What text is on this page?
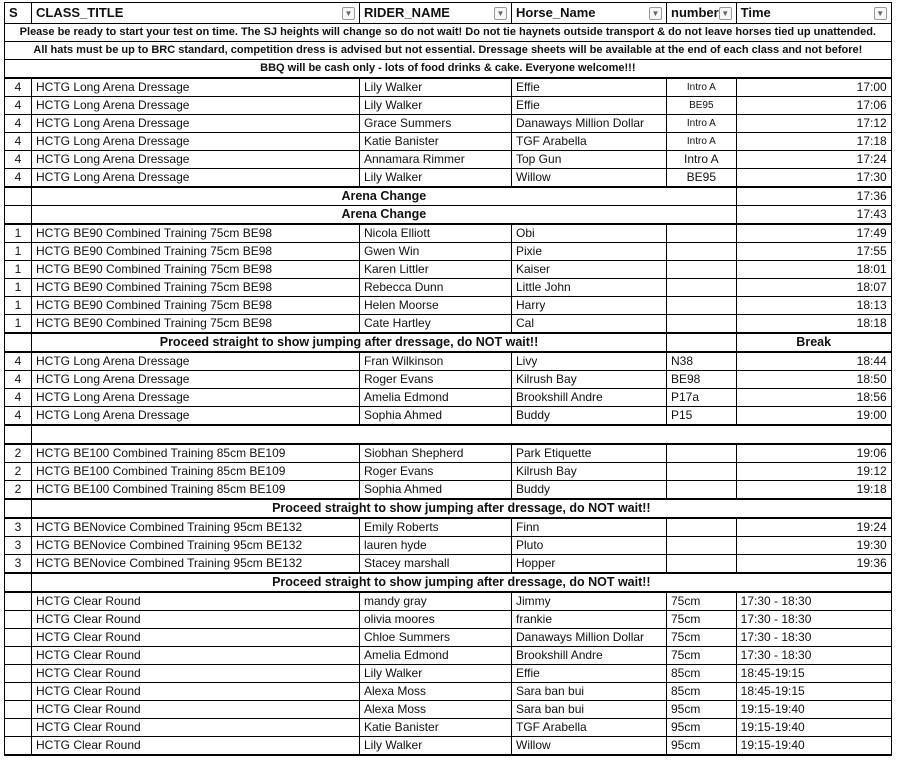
S	CLASS_TITLE ▼	RIDER_NAME ▼	Horse_Name ▼	number ▼	Time ▼

Please be ready to start your test on time. The SJ heights will change so do not wait! Do not tie haynets outside transport & do not leave horses tied up unattended.					
All hats must be up to BRC standard, competition dress is advised but not essential. Dressage sheets will be available at the end of each class and not before!					
BBQ will be cash only - lots of food drinks & cake. Everyone welcome!!!					
4	HCTG Long Arena Dressage	Lily Walker	Effie	Intro A	17:00
4	HCTG Long Arena Dressage	Lily Walker	Effie	BE95	17:06
4	HCTG Long Arena Dressage	Grace Summers	Danaways Million Dollar	Intro A	17:12
4	HCTG Long Arena Dressage	Katie Banister	TGF Arabella	Intro A	17:18
4	HCTG Long Arena Dressage	Annamara Rimmer	Top Gun	Intro A	17:24
4	HCTG Long Arena Dressage	Lily Walker	Willow	BE95	17:30
	Arena Change				17:36
	Arena Change				17:43
1	HCTG BE90 Combined Training 75cm BE98	Nicola Elliott	Obi		17:49
1	HCTG BE90 Combined Training 75cm BE98	Gwen Win	Pixie		17:55
1	HCTG BE90 Combined Training 75cm BE98	Karen Littler	Kaiser		18:01
1	HCTG BE90 Combined Training 75cm BE98	Rebecca Dunn	Little John		18:07
1	HCTG BE90 Combined Training 75cm BE98	Helen Moorse	Harry		18:13
1	HCTG BE90 Combined Training 75cm BE98	Cate Hartley	Cal		18:18
	Proceed straight to show jumping after dressage, do NOT wait!!				Break
4	HCTG Long Arena Dressage	Fran Wilkinson	Livy	N38	18:44
4	HCTG Long Arena Dressage	Roger Evans	Kilrush Bay	BE98	18:50
4	HCTG Long Arena Dressage	Amelia Edmond	Brookshill Andre	P17a	18:56
4	HCTG Long Arena Dressage	Sophia Ahmed	Buddy	P15	19:00

2	HCTG BE100 Combined Training 85cm BE109	Siobhan Shepherd	Park Etiquette		19:06
2	HCTG BE100 Combined Training 85cm BE109	Roger Evans	Kilrush Bay		19:12
2	HCTG BE100 Combined Training 85cm BE109	Sophia Ahmed	Buddy		19:18
	Proceed straight to show jumping after dressage, do NOT wait!!				
3	HCTG BENovice Combined Training 95cm BE132	Emily Roberts	Finn		19:24
3	HCTG BENovice Combined Training 95cm BE132	lauren hyde	Pluto		19:30
3	HCTG BENovice Combined Training 95cm BE132	Stacey marshall	Hopper		19:36
	Proceed straight to show jumping after dressage, do NOT wait!!				
	HCTG Clear Round	mandy gray	Jimmy	75cm	17:30 - 18:30
	HCTG Clear Round	olivia moores	frankie	75cm	17:30 - 18:30
	HCTG Clear Round	Chloe Summers	Danaways Million Dollar	75cm	17:30 - 18:30
	HCTG Clear Round	Amelia Edmond	Brookshill Andre	75cm	17:30 - 18:30
	HCTG Clear Round	Lily Walker	Effie	85cm	18:45-19:15
	HCTG Clear Round	Alexa Moss	Sara ban bui	85cm	18:45-19:15
	HCTG Clear Round	Alexa Moss	Sara ban bui	95cm	19:15-19:40
	HCTG Clear Round	Katie Banister	TGF Arabella	95cm	19:15-19:40
	HCTG Clear Round	Lily Walker	Willow	95cm	19:15-19:40
